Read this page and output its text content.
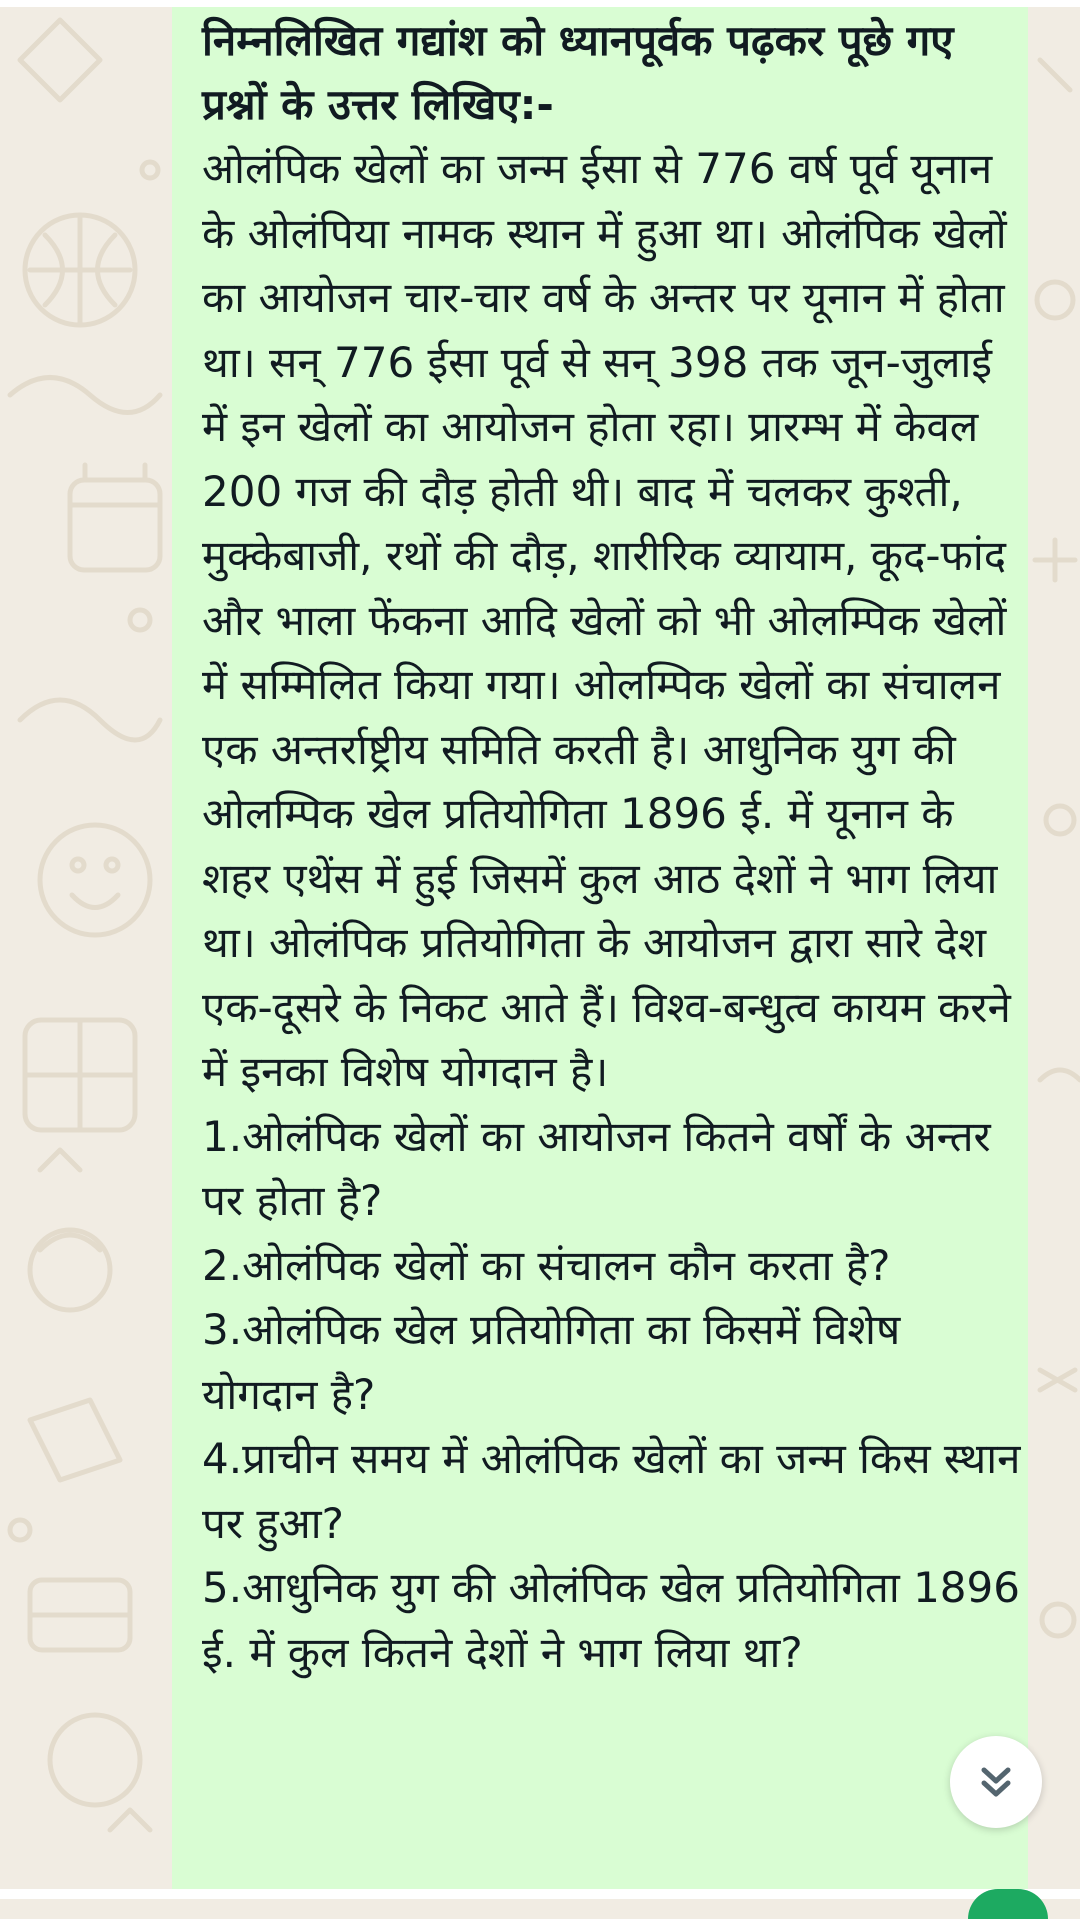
निम्नलिखित गद्यांश को ध्यानपूर्वक पढ़कर पूछे गए प्रश्नों के उत्तर लिखिए:-

ओलंपिक खेलों का जन्म ईसा से 776 वर्ष पूर्व यूनान के ओलंपिया नामक स्थान में हुआ था। ओलंपिक खेलों का आयोजन चार-चार वर्ष के अन्तर पर यूनान में होता था। सन् 776 ईसा पूर्व से सन् 398 तक जून-जुलाई में इन खेलों का आयोजन होता रहा। प्रारम्भ में केवल 200 गज की दौड़ होती थी। बाद में चलकर कुश्ती, मुक्केबाजी, रथों की दौड़, शारीरिक व्यायाम, कूद-फांद और भाला फेंकना आदि खेलों को भी ओलम्पिक खेलों में सम्मिलित किया गया। ओलम्पिक खेलों का संचालन एक अन्तर्राष्ट्रीय समिति करती है। आधुनिक युग की ओलम्पिक खेल प्रतियोगिता 1896 ई. में यूनान के शहर एथेंस में हुई जिसमें कुल आठ देशों ने भाग लिया था। ओलंपिक प्रतियोगिता के आयोजन द्वारा सारे देश एक-दूसरे के निकट आते हैं। विश्व-बन्धुत्व कायम करने में इनका विशेष योगदान है।

1.ओलंपिक खेलों का आयोजन कितने वर्षों के अन्तर पर होता है?
2.ओलंपिक खेलों का संचालन कौन करता है?
3.ओलंपिक खेल प्रतियोगिता का किसमें विशेष योगदान है?
4.प्राचीन समय में ओलंपिक खेलों का जन्म किस स्थान पर हुआ?
5.आधुनिक युग की ओलंपिक खेल प्रतियोगिता 1896 ई. में कुल कितने देशों ने भाग लिया था?
